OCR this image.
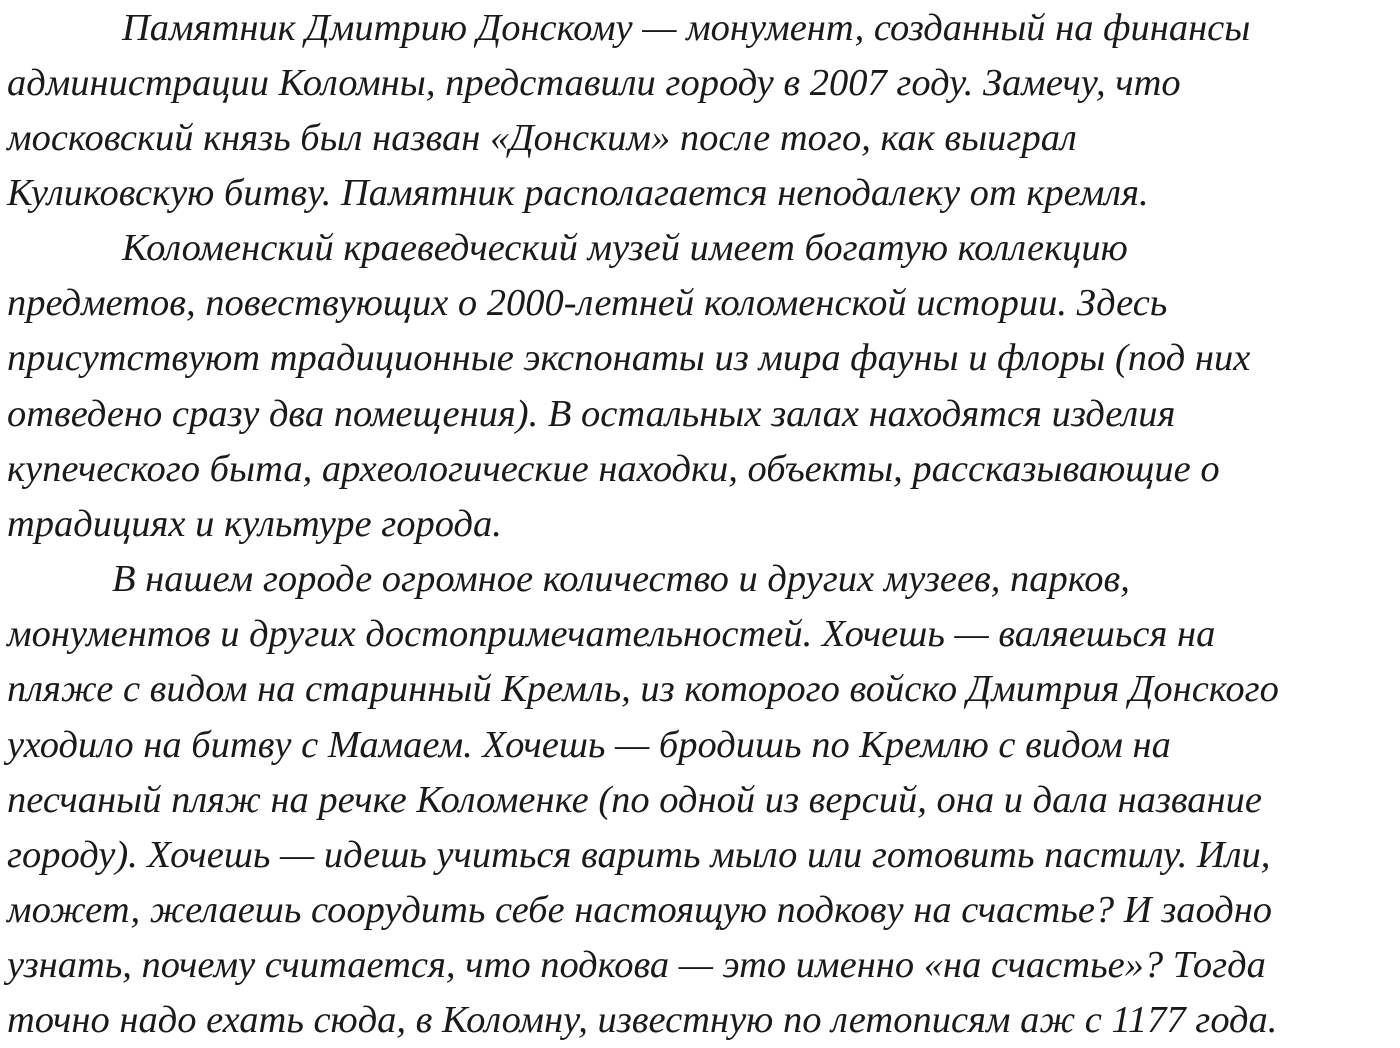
Памятник Дмитрию Донскому — монумент, созданный на финансы
администрации Коломны, представили городу в 2007 году. Замечу, что
московский князь был назван «Донским» после того, как выиграл
Куликовскую битву. Памятник располагается неподалеку от кремля.
Коломенский краеведческий музей имеет богатую коллекцию
предметов, повествующих о 2000-летней коломенской истории. Здесь
присутствуют традиционные экспонаты из мира фауны и флоры (под них
отведено сразу два помещения). В остальных залах находятся изделия
купеческого быта, археологические находки, объекты, рассказывающие о
традициях и культуре города.
В нашем городе огромное количество и других музеев, парков,
монументов и других достопримечательностей. Хочешь — валяешься на
пляже с видом на старинный Кремль, из которого войско Дмитрия Донского
уходило на битву с Мамаем. Хочешь — бродишь по Кремлю с видом на
песчаный пляж на речке Коломенке (по одной из версий, она и дала название
городу). Хочешь — идешь учиться варить мыло или готовить пастилу. Или,
может, желаешь соорудить себе настоящую подкову на счастье? И заодно
узнать, почему считается, что подкова — это именно «на счастье»? Тогда
точно надо ехать сюда, в Коломну, известную по летописям аж с 1177 года.
